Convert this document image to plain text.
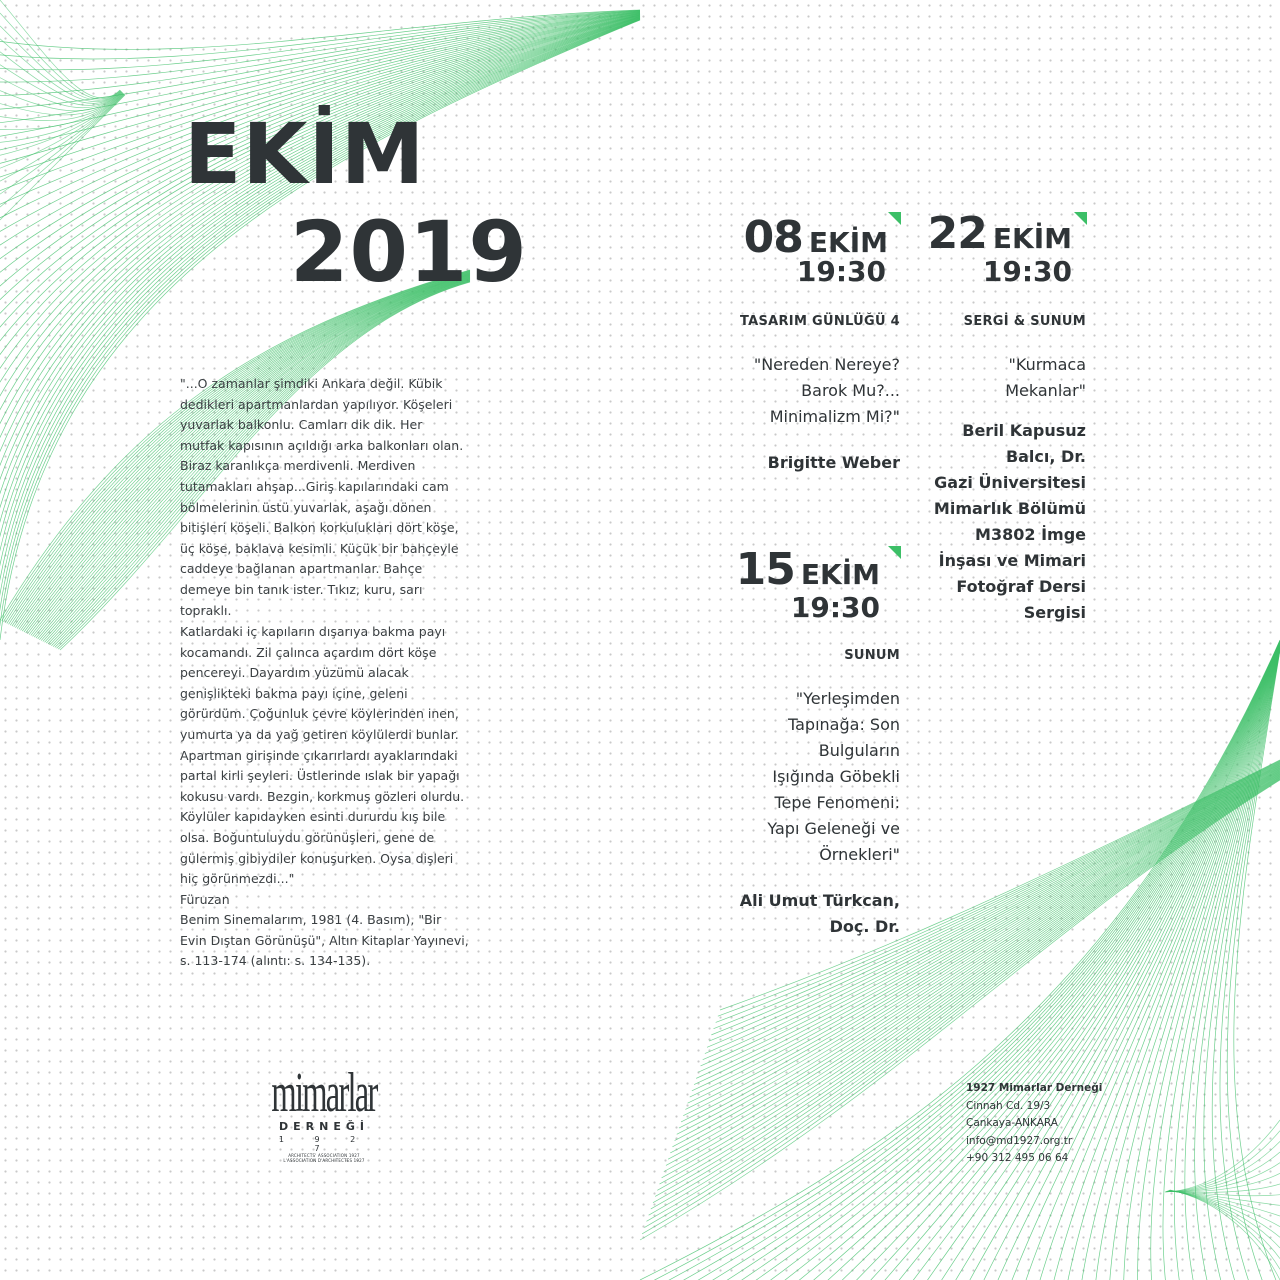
EKİM
2019

"...O zamanlar şimdiki Ankara değil. Kübik dedikleri apartmanlardan yapılıyor. Köşeleri yuvarlak balkonlu. Camları dik dik. Her mutfak kapısının açıldığı arka balkonları olan. Biraz karanlıkça merdivenli. Merdiven tutamakları ahşap...Giriş kapılarındaki cam bölmelerinin üstü yuvarlak, aşağı dönen bitişleri köşeli. Balkon korkulukları dört köşe, üç köşe, baklava kesimli. Küçük bir bahçeyle caddeye bağlanan apartmanlar. Bahçe demeye bin tanık ister. Tıkız, kuru, sarı topraklı.

Katlardaki iç kapıların dışarıya bakma payı kocamandı. Zil çalınca açardım dört köşe pencereyi. Dayardım yüzümü alacak genişlikteki bakma payı içine, geleni görürdüm. Çoğunluk çevre köylerinden inen, yumurta ya da yağ getiren köylülerdi bunlar. Apartman girişinde çıkarırlardı ayaklarındaki partal kirli şeyleri. Üstlerinde ıslak bir yapağı kokusu vardı. Bezgin, korkmuş gözleri olurdu. Köylüler kapıdayken esinti dururdu kış bile olsa. Boğuntuluydu görünüşleri, gene de gülermiş gibiydiler konuşurken. Oysa dişleri hiç görünmezdi..."

Füruzan

Benim Sinemalarım, 1981 (4. Basım), "Bir Evin Dıştan Görünüşü", Altın Kitaplar Yayınevi, s. 113-174 (alıntı: s. 134-135).

08 EKİM
19:30
TASARIM GÜNLÜĞÜ 4
"Nereden Nereye?
Barok Mu?...
Minimalizm Mi?"
Brigitte Weber
22 EKİM
19:30
SERGİ & SUNUM
"Kurmaca
Mekanlar"
Beril Kapusuz
Balcı, Dr.
Gazi Üniversitesi
Mimarlık Bölümü
M3802 İmge
İnşası ve Mimari
Fotoğraf Dersi
Sergisi
15 EKİM
19:30
SUNUM
"Yerleşimden
Tapınağa: Son
Bulguların
Işığında Göbekli
Tepe Fenomeni:
Yapı Geleneği ve
Örnekleri"
Ali Umut Türkcan,
Doç. Dr.
mimarlar
DERNEĞİ
1 9 2 7
ARCHITECTS' ASSOCIATION 1927
L'ASSOCIATION D'ARCHITECTES 1927
1927 Mimarlar Derneği
Cinnah Cd. 19/3
Çankaya-ANKARA
info@md1927.org.tr
+90 312 495 06 64
